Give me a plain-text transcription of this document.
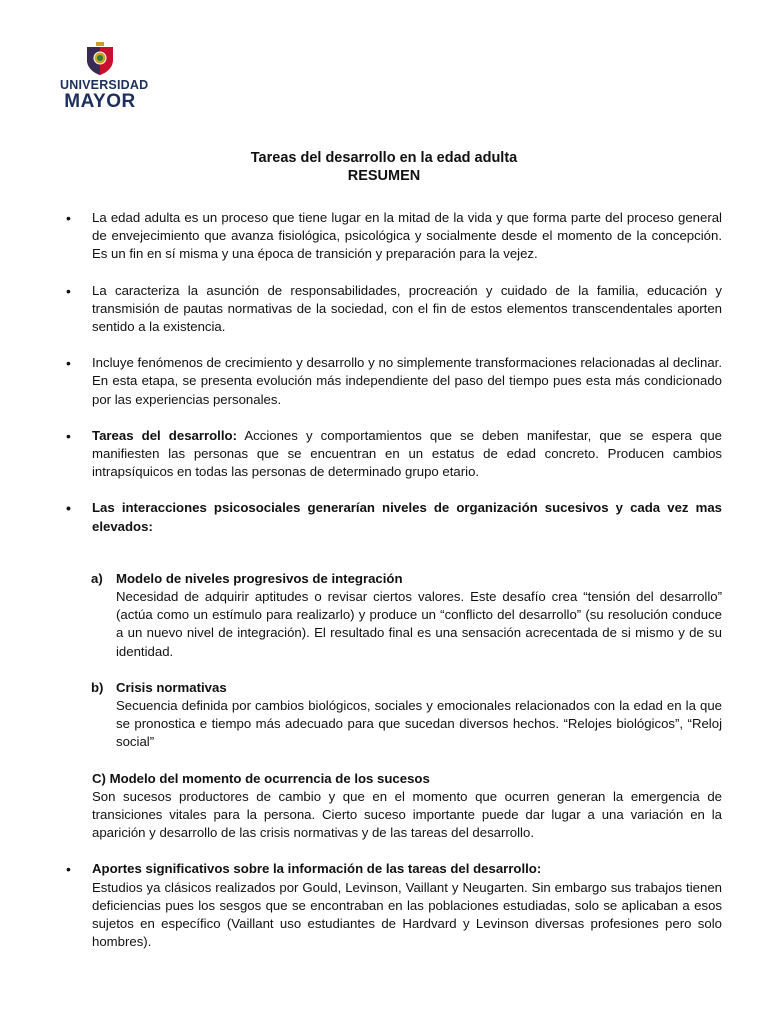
UNIVERSIDAD
MAYOR
Tareas del desarrollo en la edad adulta
RESUMEN

• La edad adulta es un proceso que tiene lugar en la mitad de la vida y que forma parte del proceso general de envejecimiento que avanza fisiológica, psicológica y socialmente desde el momento de la concepción. Es un fin en sí misma y una época de transición y preparación para la vejez.

• La caracteriza la asunción de responsabilidades, procreación y cuidado de la familia, educación y transmisión de pautas normativas de la sociedad, con el fin de estos elementos transcendentales aporten sentido a la existencia.

• Incluye fenómenos de crecimiento y desarrollo y no simplemente transformaciones relacionadas al declinar. En esta etapa, se presenta evolución más independiente del paso del tiempo pues esta más condicionado por las experiencias personales.

• Tareas del desarrollo: Acciones y comportamientos que se deben manifestar, que se espera que manifiesten las personas que se encuentran en un estatus de edad concreto. Producen cambios intrapsíquicos en todas las personas de determinado grupo etario.

• Las interacciones psicosociales generarían niveles de organización sucesivos y cada vez mas elevados:

a) Modelo de niveles progresivos de integración
Necesidad de adquirir aptitudes o revisar ciertos valores. Este desafío crea “tensión del desarrollo” (actúa como un estímulo para realizarlo) y produce un “conflicto del desarrollo” (su resolución conduce a un nuevo nivel de integración). El resultado final es una sensación acrecentada de si mismo y de su identidad.
b) Crisis normativas
Secuencia definida por cambios biológicos, sociales y emocionales relacionados con la edad en la que se pronostica e tiempo más adecuado para que sucedan diversos hechos. “Relojes biológicos”, “Reloj social”
C) Modelo del momento de ocurrencia de los sucesos
Son sucesos productores de cambio y que en el momento que ocurren generan la emergencia de transiciones vitales para la persona. Cierto suceso importante puede dar lugar a una variación en la aparición y desarrollo de las crisis normativas y de las tareas del desarrollo.
• Aportes significativos sobre la información de las tareas del desarrollo:
Estudios ya clásicos realizados por Gould, Levinson, Vaillant y Neugarten. Sin embargo sus trabajos tienen deficiencias pues los sesgos que se encontraban en las poblaciones estudiadas, solo se aplicaban a esos sujetos en específico (Vaillant uso estudiantes de Hardvard y Levinson diversas profesiones pero solo hombres).
